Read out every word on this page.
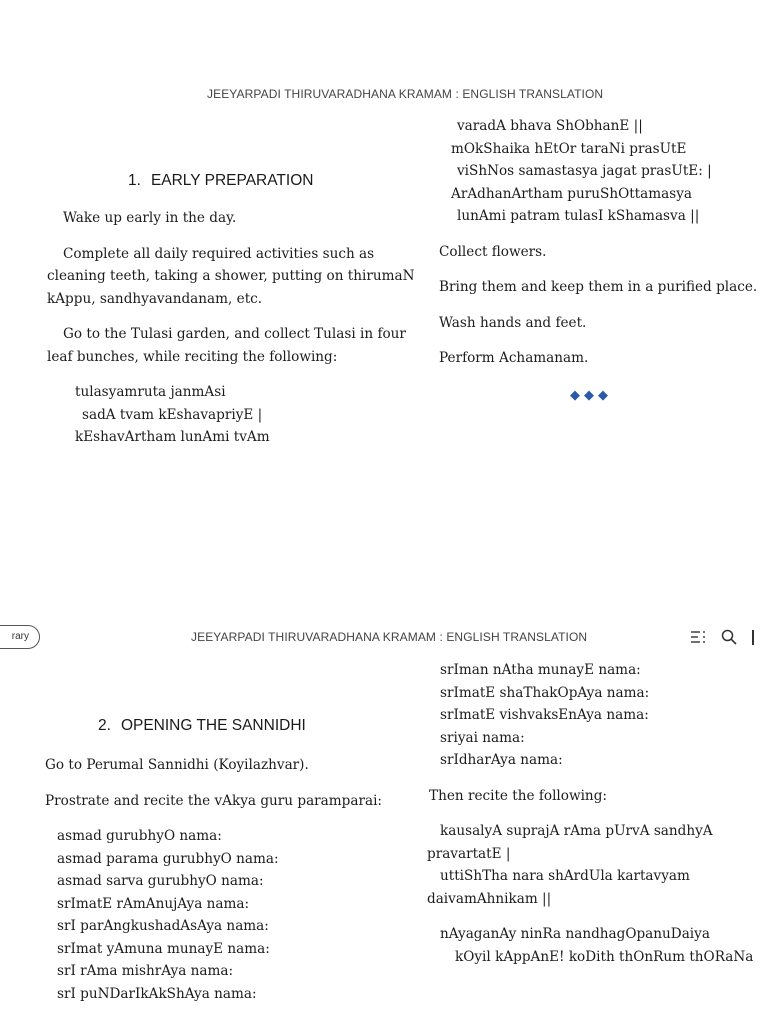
JEEYARPADI THIRUVARADHANA KRAMAM : ENGLISH TRANSLATION
1. EARLY PREPARATION

Wake up early in the day.

Complete all daily required activities such as

cleaning teeth, taking a shower, putting on thirumaN

kAppu, sandhyavandanam, etc.

Go to the Tulasi garden, and collect Tulasi in four

leaf bunches, while reciting the following:

tulasyamruta janmAsi

sadA tvam kEshavapriyE |

kEshavArtham lunAmi tvAm

varadA bhava ShObhanE ||

mOkShaika hEtOr taraNi prasUtE

viShNos samastasya jagat prasUtE: |

ArAdhanArtham puruShOttamasya

lunAmi patram tulasI kShamasva ||

Collect flowers.

Bring them and keep them in a purified place.

Wash hands and feet.

Perform Achamanam.

◆◆◆
rary	JEEYARPADI THIRUVARADHANA KRAMAM : ENGLISH TRANSLATION
2. OPENING THE SANNIDHI

Go to Perumal Sannidhi (Koyilazhvar).

Prostrate and recite the vAkya guru paramparai:

asmad gurubhyO nama:

asmad parama gurubhyO nama:

asmad sarva gurubhyO nama:

srImatE rAmAnujAya nama:

srI parAngkushadAsAya nama:

srImat yAmuna munayE nama:

srI rAma mishrAya nama:

srI puNDarIkAkShAya nama:

srIman nAtha munayE nama:

srImatE shaThakOpAya nama:

srImatE vishvaksEnAya nama:

sriyai nama:

srIdharAya nama:

Then recite the following:

kausalyA suprajA rAma pUrvA sandhyA

pravartatE |

uttiShTha nara shArdUla kartavyam

daivamAhnikam ||

nAyaganAy ninRa nandhagOpanuDaiya

kOyil kAppAnE! koDith thOnRum thORaNa
